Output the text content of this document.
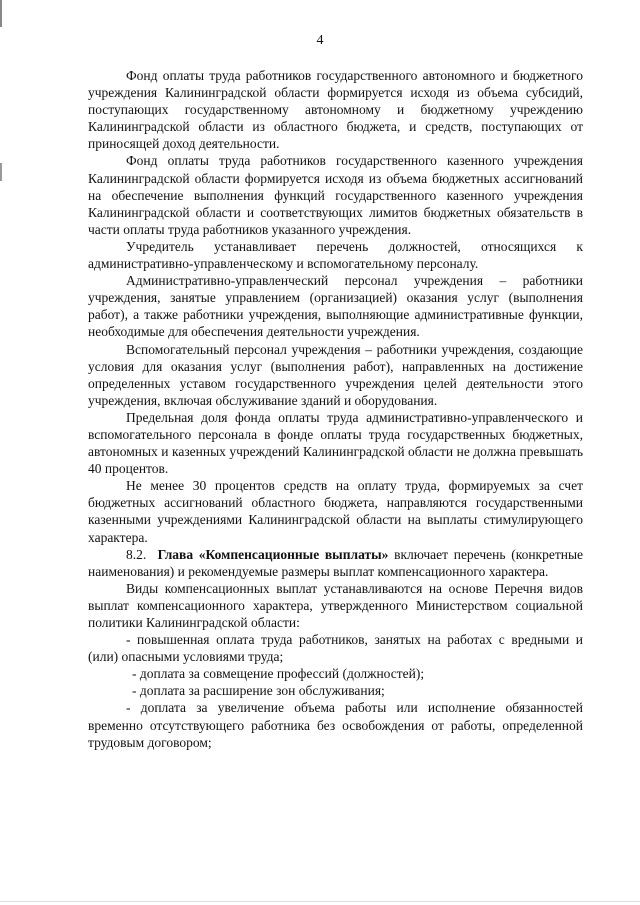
4

Фонд оплаты труда работников государственного автономного и бюджетного учреждения Калининградской области формируется исходя из объема субсидий, поступающих государственному автономному и бюджетному учреждению Калининградской области из областного бюджета, и средств, поступающих от приносящей доход деятельности.

Фонд оплаты труда работников государственного казенного учреждения Калининградской области формируется исходя из объема бюджетных ассигнований на обеспечение выполнения функций государственного казенного учреждения Калининградской области и соответствующих лимитов бюджетных обязательств в части оплаты труда работников указанного учреждения.

Учредитель устанавливает перечень должностей, относящихся к административно-управленческому и вспомогательному персоналу.

Административно-управленческий персонал учреждения – работники учреждения, занятые управлением (организацией) оказания услуг (выполнения работ), а также работники учреждения, выполняющие административные функции, необходимые для обеспечения деятельности учреждения.

Вспомогательный персонал учреждения – работники учреждения, создающие условия для оказания услуг (выполнения работ), направленных на достижение определенных уставом государственного учреждения целей деятельности этого учреждения, включая обслуживание зданий и оборудования.

Предельная доля фонда оплаты труда административно-управленческого и вспомогательного персонала в фонде оплаты труда государственных бюджетных, автономных и казенных учреждений Калининградской области не должна превышать 40 процентов.

Не менее 30 процентов средств на оплату труда, формируемых за счет бюджетных ассигнований областного бюджета, направляются государственными казенными учреждениями Калининградской области на выплаты стимулирующего характера.

8.2. Глава «Компенсационные выплаты» включает перечень (конкретные наименования) и рекомендуемые размеры выплат компенсационного характера.

Виды компенсационных выплат устанавливаются на основе Перечня видов выплат компенсационного характера, утвержденного Министерством социальной политики Калининградской области:

- повышенная оплата труда работников, занятых на работах с вредными и (или) опасными условиями труда;

- доплата за совмещение профессий (должностей);

- доплата за расширение зон обслуживания;

- доплата за увеличение объема работы или исполнение обязанностей временно отсутствующего работника без освобождения от работы, определенной трудовым договором;
